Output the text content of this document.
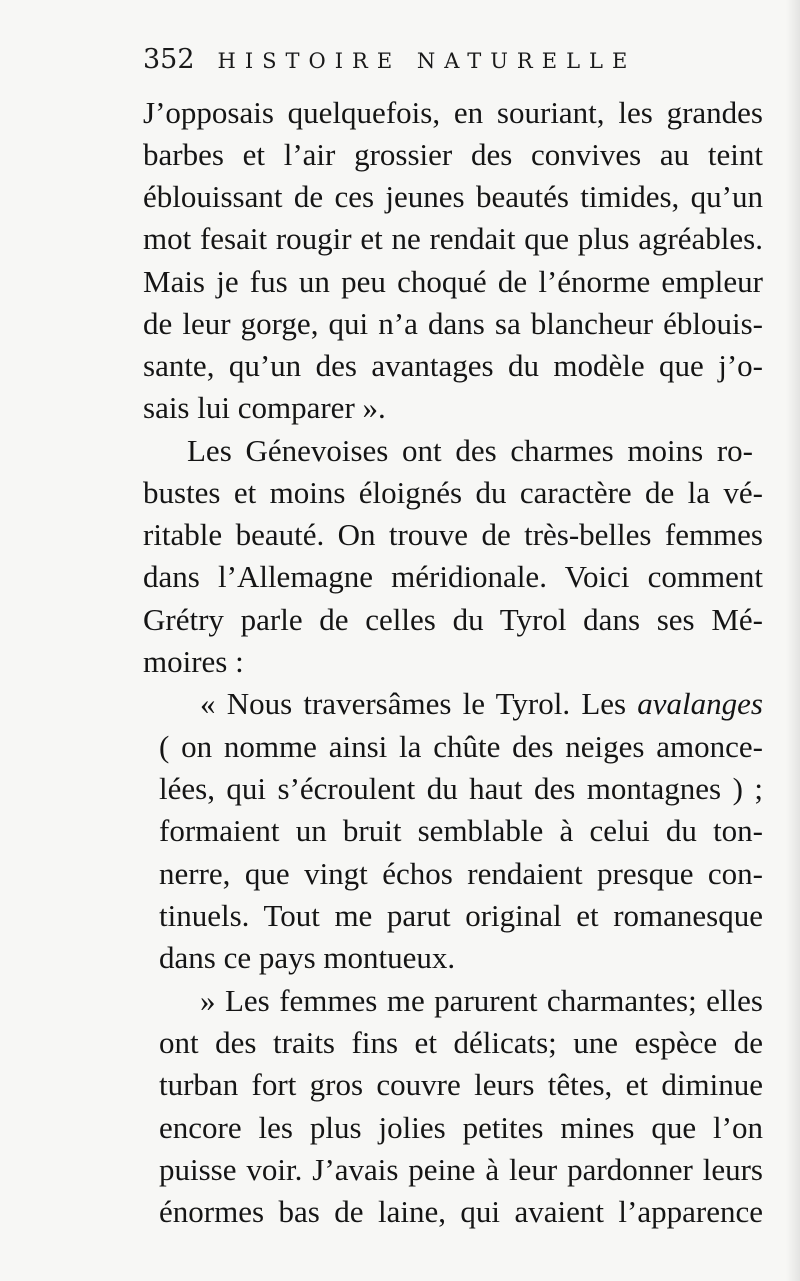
352 HISTOIRE NATURELLE
J’opposais quelquefois, en souriant, les grandes
barbes et l’air grossier des convives au teint
éblouissant de ces jeunes beautés timides, qu’un
mot fesait rougir et ne rendait que plus agréables.
Mais je fus un peu choqué de l’énorme empleur
de leur gorge, qui n’a dans sa blancheur éblouis-
sante, qu’un des avantages du modèle que j’o-
sais lui comparer ».
Les Génevoises ont des charmes moins ro-
bustes et moins éloignés du caractère de la vé-
ritable beauté. On trouve de très-belles femmes
dans l’Allemagne méridionale. Voici comment
Grétry parle de celles du Tyrol dans ses Mé-
moires :
« Nous traversâmes le Tyrol. Les avalanges
( on nomme ainsi la chûte des neiges amonce-
lées, qui s’écroulent du haut des montagnes ) ;
formaient un bruit semblable à celui du ton-
nerre, que vingt échos rendaient presque con-
tinuels. Tout me parut original et romanesque
dans ce pays montueux.
» Les femmes me parurent charmantes; elles
ont des traits fins et délicats; une espèce de
turban fort gros couvre leurs têtes, et diminue
encore les plus jolies petites mines que l’on
puisse voir. J’avais peine à leur pardonner leurs
énormes bas de laine, qui avaient l’apparence
